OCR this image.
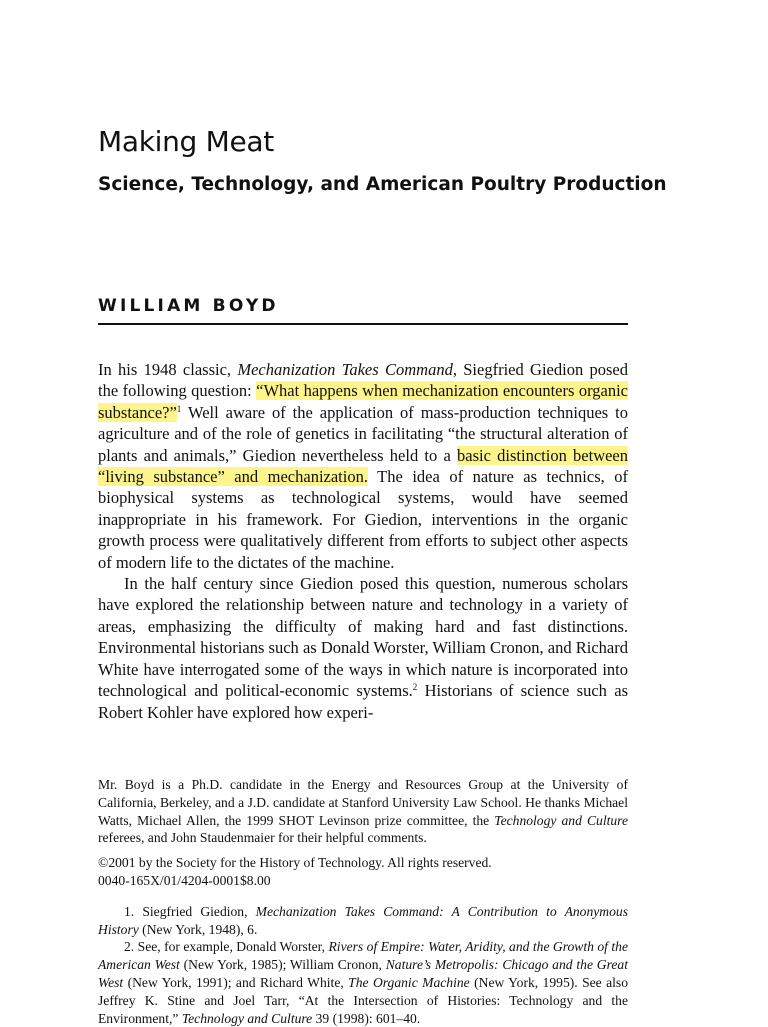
Making Meat
Science, Technology, and American Poultry Production
WILLIAM BOYD

In his 1948 classic, Mechanization Takes Command, Siegfried Giedion posed the following question: “What happens when mechanization encounters organic substance?”$^1$ Well aware of the application of mass-production techniques to agriculture and of the role of genetics in facilitating “the structural alteration of plants and animals,” Giedion nevertheless held to a basic distinction between “living substance” and mechanization. The idea of nature as technics, of biophysical systems as technological systems, would have seemed inappropriate in his framework. For Giedion, interventions in the organic growth process were qualitatively different from efforts to subject other aspects of modern life to the dictates of the machine.

In the half century since Giedion posed this question, numerous scholars have explored the relationship between nature and technology in a variety of areas, emphasizing the difficulty of making hard and fast distinctions. Environmental historians such as Donald Worster, William Cronon, and Richard White have interrogated some of the ways in which nature is incorporated into technological and political-economic systems.$^2$ Historians of science such as Robert Kohler have explored how experi-

Mr. Boyd is a Ph.D. candidate in the Energy and Resources Group at the University of California, Berkeley, and a J.D. candidate at Stanford University Law School. He thanks Michael Watts, Michael Allen, the 1999 SHOT Levinson prize committee, the Technology and Culture referees, and John Staudenmaier for their helpful comments.

©2001 by the Society for the History of Technology. All rights reserved.

0040-165X/01/4204-0001$8.00

1. Siegfried Giedion, Mechanization Takes Command: A Contribution to Anonymous History (New York, 1948), 6.

2. See, for example, Donald Worster, Rivers of Empire: Water, Aridity, and the Growth of the American West (New York, 1985); William Cronon, Nature’s Metropolis: Chicago and the Great West (New York, 1991); and Richard White, The Organic Machine (New York, 1995). See also Jeffrey K. Stine and Joel Tarr, “At the Intersection of Histories: Technology and the Environment,” Technology and Culture 39 (1998): 601–40.
